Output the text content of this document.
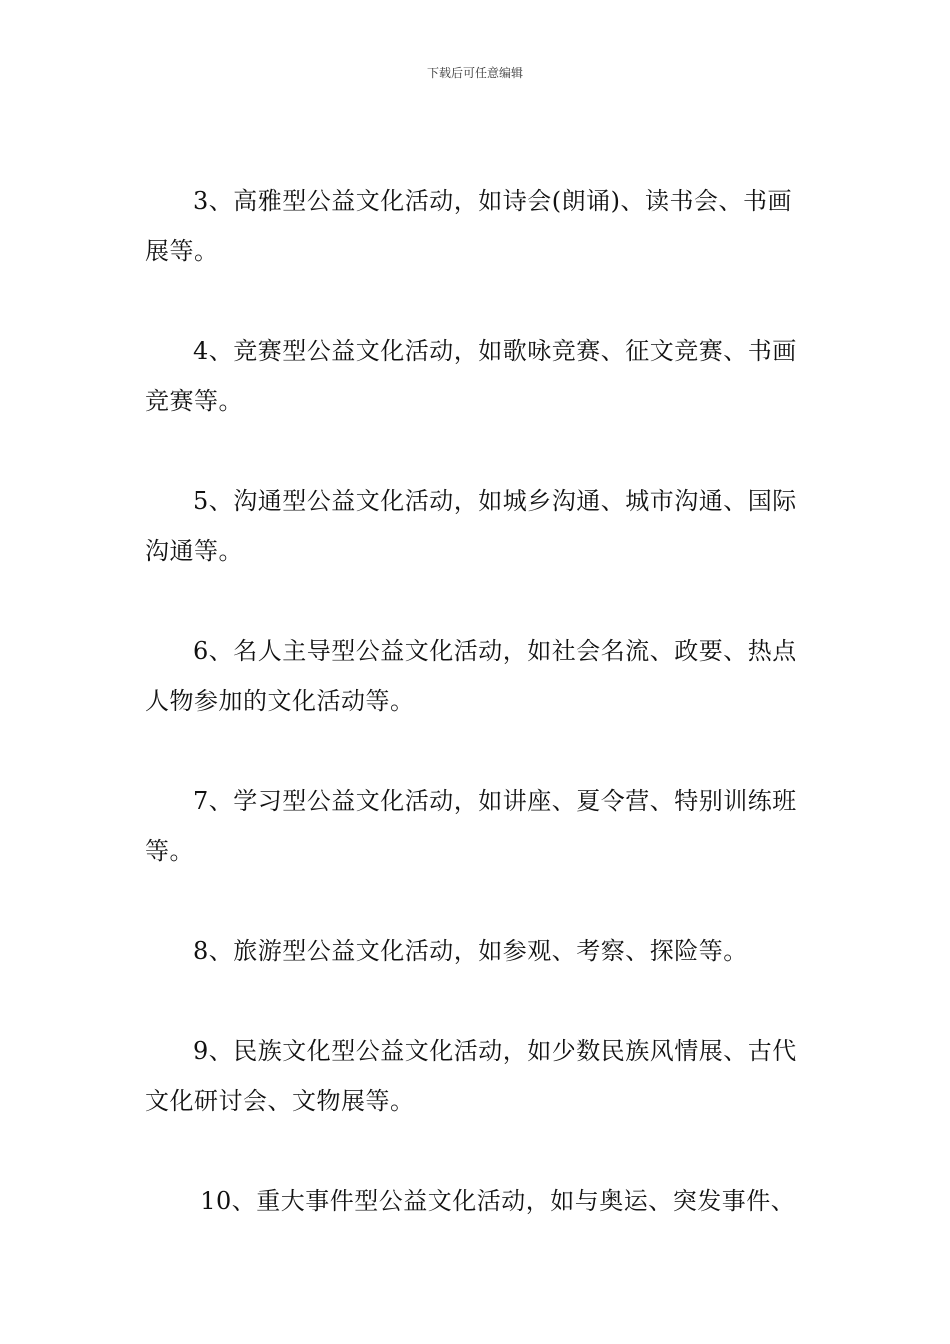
下载后可任意编辑

3、高雅型公益文化活动，如诗会(朗诵)、读书会、书画展等。

4、竞赛型公益文化活动，如歌咏竞赛、征文竞赛、书画竞赛等。

5、沟通型公益文化活动，如城乡沟通、城市沟通、国际沟通等。

6、名人主导型公益文化活动，如社会名流、政要、热点人物参加的文化活动等。

7、学习型公益文化活动，如讲座、夏令营、特别训练班等。

8、旅游型公益文化活动，如参观、考察、探险等。

9、民族文化型公益文化活动，如少数民族风情展、古代文化研讨会、文物展等。

10、重大事件型公益文化活动，如与奥运、突发事件、
